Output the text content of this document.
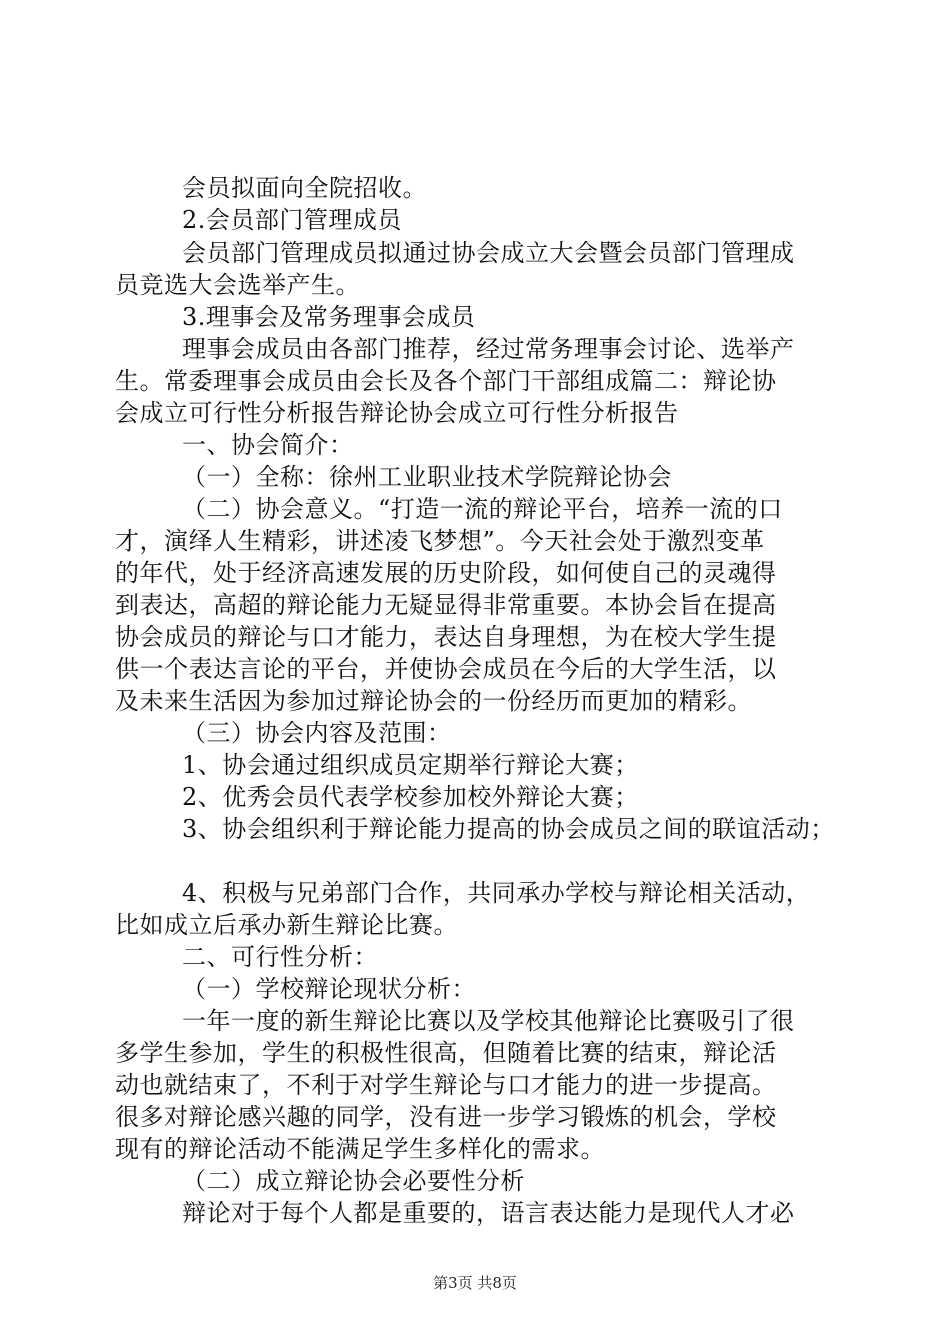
会员拟面向全院招收。
2.会员部门管理成员
会员部门管理成员拟通过协会成立大会暨会员部门管理成
员竞选大会选举产生。
3.理事会及常务理事会成员
理事会成员由各部门推荐，经过常务理事会讨论、选举产
生。常委理事会成员由会长及各个部门干部组成篇二：辩论协
会成立可行性分析报告辩论协会成立可行性分析报告
一、协会简介：
（一）全称：徐州工业职业技术学院辩论协会
（二）协会意义。“打造一流的辩论平台，培养一流的口
才，演绎人生精彩，讲述凌飞梦想”。今天社会处于激烈变革
的年代，处于经济高速发展的历史阶段，如何使自己的灵魂得
到表达，高超的辩论能力无疑显得非常重要。本协会旨在提高
协会成员的辩论与口才能力，表达自身理想，为在校大学生提
供一个表达言论的平台，并使协会成员在今后的大学生活，以
及未来生活因为参加过辩论协会的一份经历而更加的精彩。
（三）协会内容及范围：
1、协会通过组织成员定期举行辩论大赛；
2、优秀会员代表学校参加校外辩论大赛；
3、协会组织利于辩论能力提高的协会成员之间的联谊活动；
4、积极与兄弟部门合作，共同承办学校与辩论相关活动，
比如成立后承办新生辩论比赛。
二、可行性分析：
（一）学校辩论现状分析：
一年一度的新生辩论比赛以及学校其他辩论比赛吸引了很
多学生参加，学生的积极性很高，但随着比赛的结束，辩论活
动也就结束了，不利于对学生辩论与口才能力的进一步提高。
很多对辩论感兴趣的同学，没有进一步学习锻炼的机会，学校
现有的辩论活动不能满足学生多样化的需求。
（二）成立辩论协会必要性分析
辩论对于每个人都是重要的，语言表达能力是现代人才必
第3页 共8页
